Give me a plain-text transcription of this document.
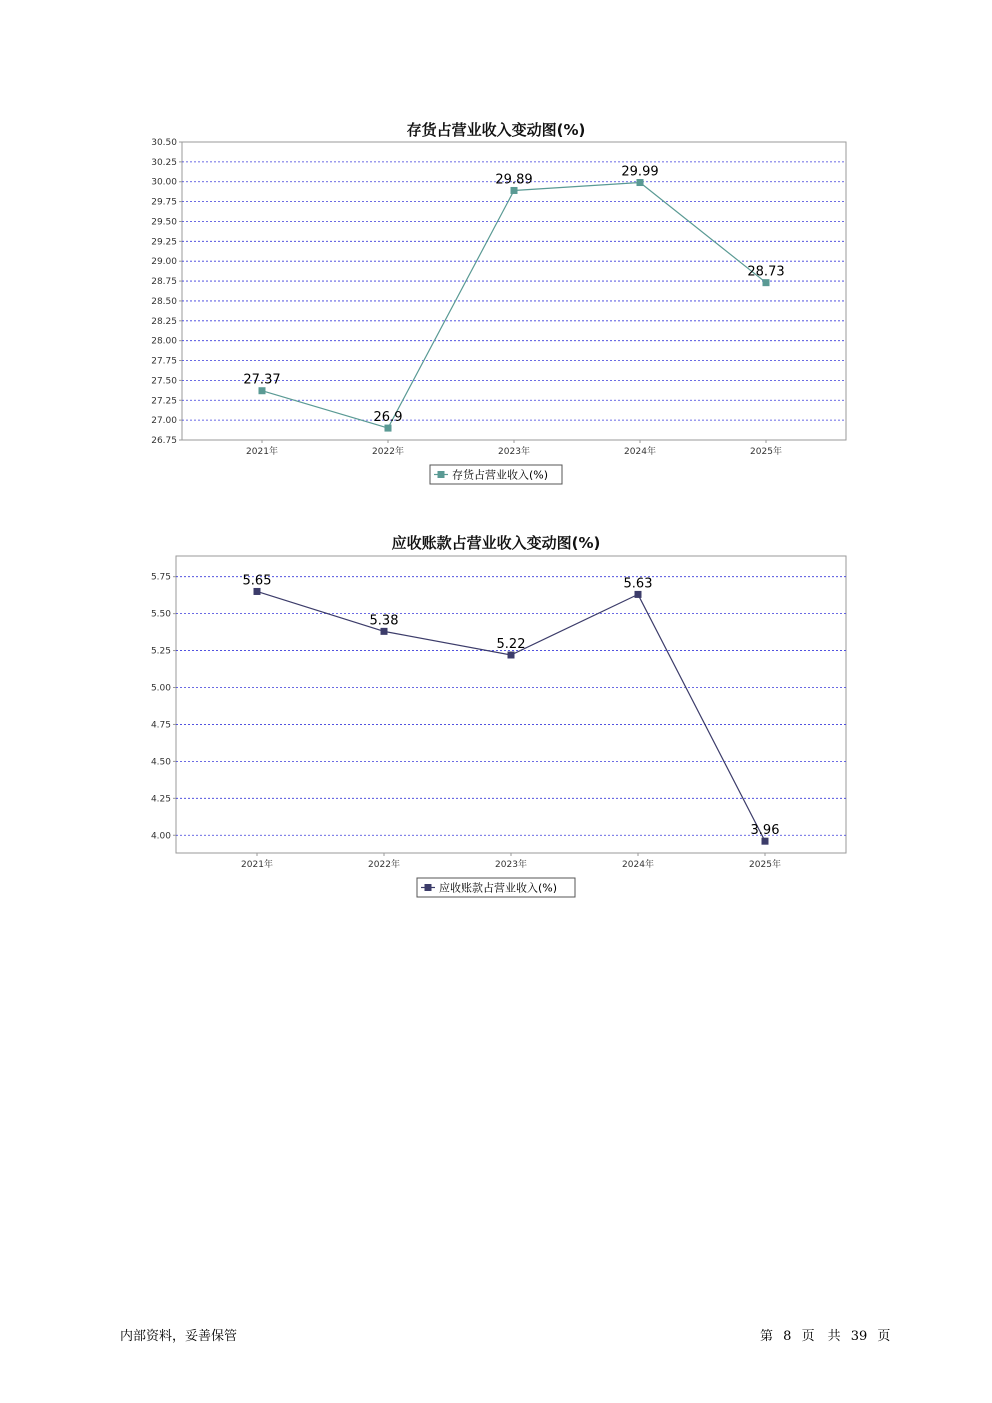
存货占营业收入变动图(%)
30.50
30.25
30.00
29.75
29.50
29.25
29.00
28.75
28.50
28.25
28.00
27.75
27.50
27.25
27.00
26.75
2021年	2022年	2023年	2024年	2025年
27.37
26.9
29.89
29.99
28.73
存货占营业收入(%)
应收账款占营业收入变动图(%)
5.75
5.50
5.25
5.00
4.75
4.50
4.25
4.00
2021年	2022年	2023年	2024年	2025年
5.65
5.38
5.22
5.63
3.96
应收账款占营业收入(%)
内部资料，妥善保管	第 8 页　共 39 页
